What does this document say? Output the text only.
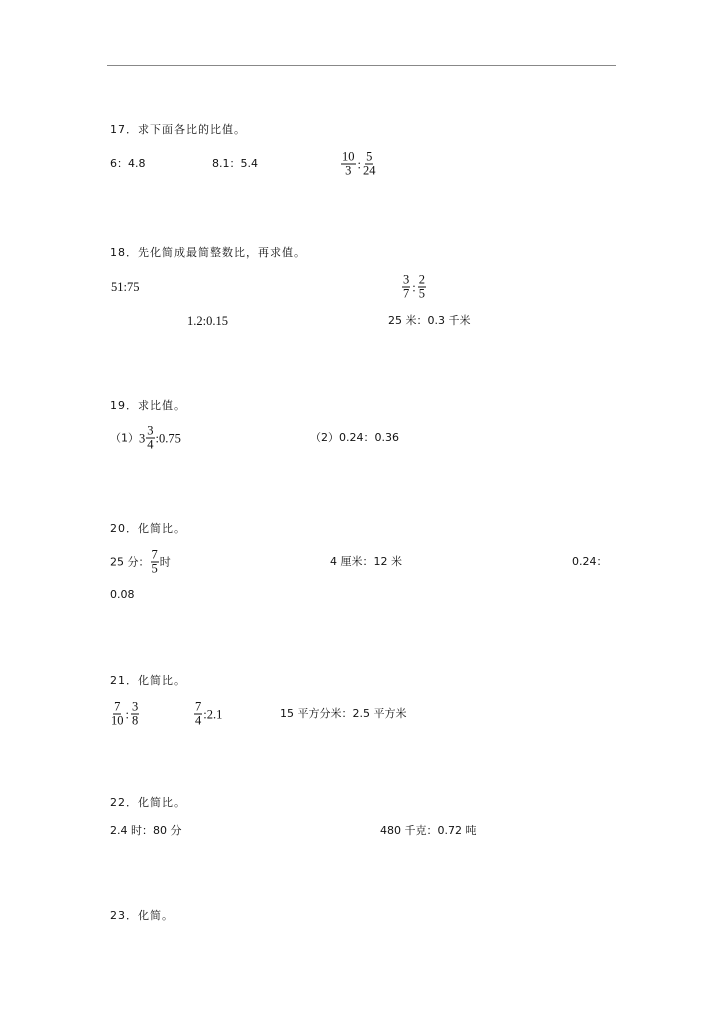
17．求下面各比的比值。
6：4.8	8.1：5.4	$\frac{10}{3}$ : $\frac{5}{24}$
18．先化简成最简整数比，再求值。
51:75	$\frac{3}{7}$ : $\frac{2}{5}$
1.2:0.15	25 米：0.3 千米
19．求比值。
（1） $3 \frac{3}{4}$ :0.75	（2）0.24：0.36
20．化简比。
25 分： $\frac{7}{5}$ 时	4 厘米：12 米	0.24：
0.08
21．化简比。
$\frac{7}{10}$ : $\frac{3}{8}$	$\frac{7}{4}$ :2.1	15 平方分米：2.5 平方米
22．化简比。
2.4 时：80 分	480 千克：0.72 吨
23．化简。
